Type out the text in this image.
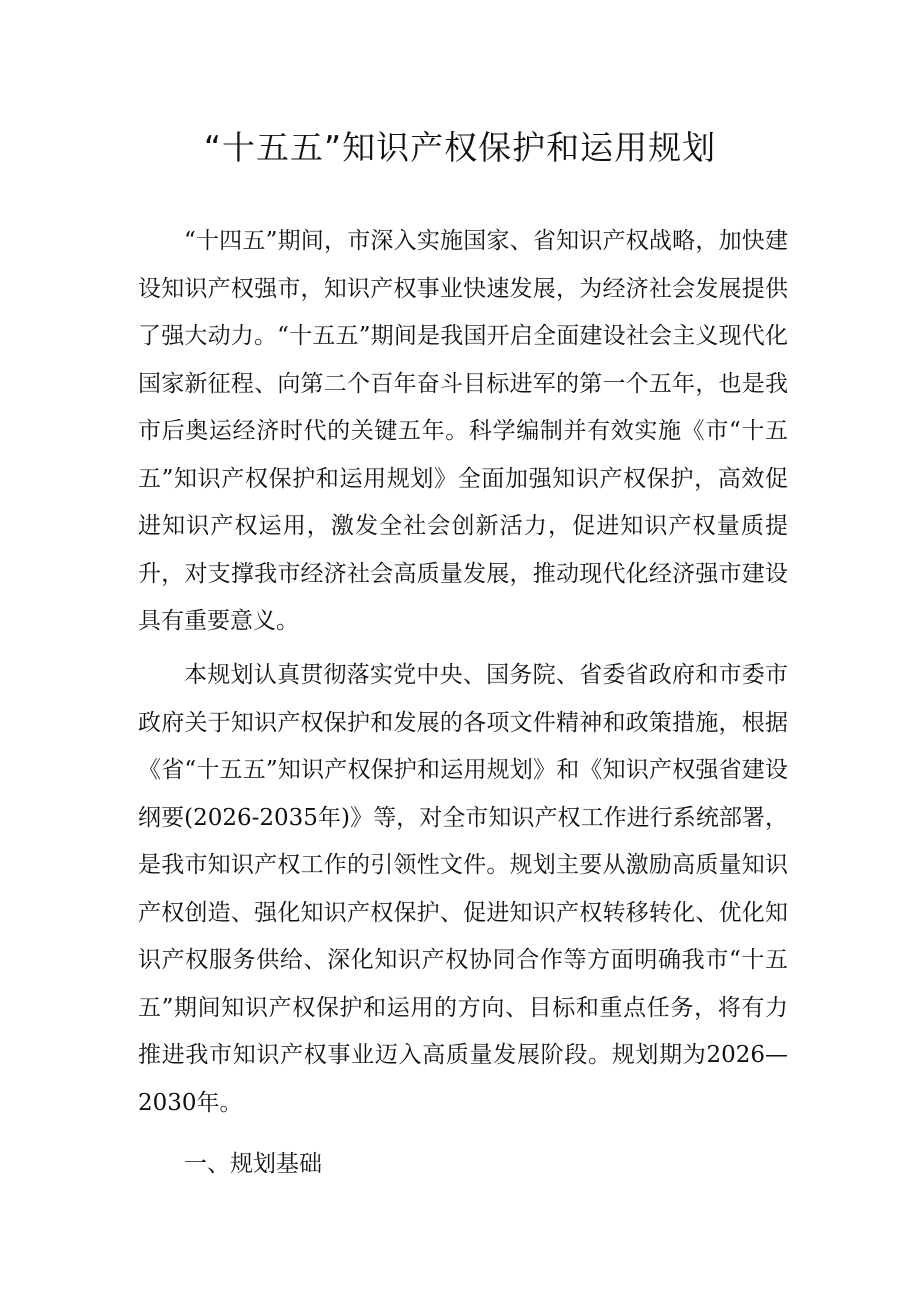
“十五五”知识产权保护和运用规划

“十四五”期间，市深入实施国家、省知识产权战略，加快建设知识产权强市，知识产权事业快速发展，为经济社会发展提供了强大动力。“十五五”期间是我国开启全面建设社会主义现代化国家新征程、向第二个百年奋斗目标进军的第一个五年，也是我市后奥运经济时代的关键五年。科学编制并有效实施《市“十五五”知识产权保护和运用规划》全面加强知识产权保护，高效促进知识产权运用，激发全社会创新活力，促进知识产权量质提升，对支撑我市经济社会高质量发展，推动现代化经济强市建设具有重要意义。

本规划认真贯彻落实党中央、国务院、省委省政府和市委市政府关于知识产权保护和发展的各项文件精神和政策措施，根据《省“十五五”知识产权保护和运用规划》和《知识产权强省建设纲要(2026-2035年)》等，对全市知识产权工作进行系统部署，是我市知识产权工作的引领性文件。规划主要从激励高质量知识产权创造、强化知识产权保护、促进知识产权转移转化、优化知识产权服务供给、深化知识产权协同合作等方面明确我市“十五五”期间知识产权保护和运用的方向、目标和重点任务，将有力推进我市知识产权事业迈入高质量发展阶段。规划期为2026—2030年。

一、规划基础
